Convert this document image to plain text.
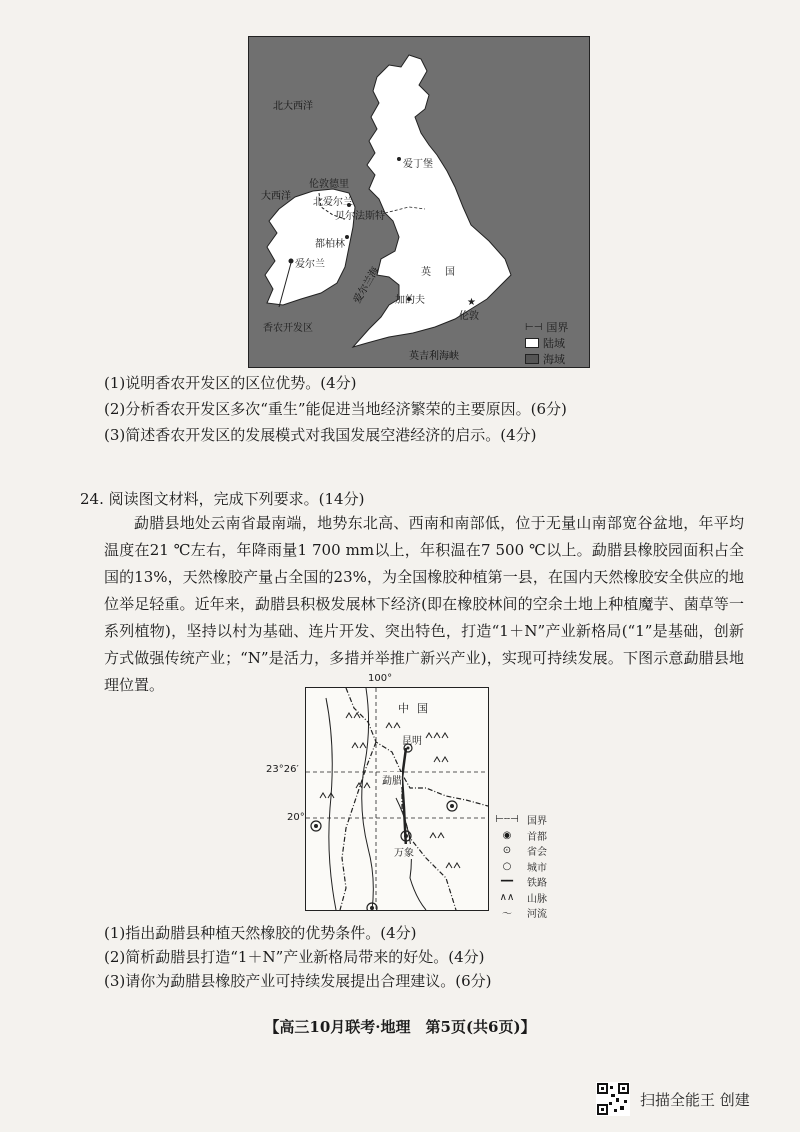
★
北大西洋
大西洋
伦敦德里
爱丁堡
北爱尔兰
贝尔法斯特
都柏林
爱尔兰
英国
爱尔兰海 加的夫
伦敦
英吉利海峡
香农开发区	⊢⊣ 国界
陆域
海域
(1)说明香农开发区的区位优势。(4分)
(2)分析香农开发区多次“重生”能促进当地经济繁荣的主要原因。(6分)
(3)简述香农开发区的发展模式对我国发展空港经济的启示。(4分)
24. 阅读图文材料，完成下列要求。(14分)
勐腊县地处云南省最南端，地势东北高、西南和南部低，位于无量山南部宽谷盆地，年平均温度在21 ℃左右，年降雨量1 700 mm以上，年积温在7 500 ℃以上。勐腊县橡胶园面积占全国的13%，天然橡胶产量占全国的23%，为全国橡胶种植第一县，在国内天然橡胶安全供应的地位举足轻重。近年来，勐腊县积极发展林下经济(即在橡胶林间的空余土地上种植魔芋、菌草等一系列植物)，坚持以村为基础、连片开发、突出特色，打造“1＋N”产业新格局(“1”是基础，创新方式做强传统产业；“N”是活力，多措并举推广新兴产业)，实现可持续发展。下图示意勐腊县地理位置。	100°
23°26′
20°
中国
昆明
勐腊
万象
⊢┄⊣ 国界
◉	首都
⊙	省会
○	城市
━━	铁路
∧∧	山脉
〜	河流
(1)指出勐腊县种植天然橡胶的优势条件。(4分)
(2)简析勐腊县打造“1＋N”产业新格局带来的好处。(4分)
(3)请你为勐腊县橡胶产业可持续发展提出合理建议。(6分)
【高三10月联考·地理　第5页(共6页)】
扫描全能王 创建
